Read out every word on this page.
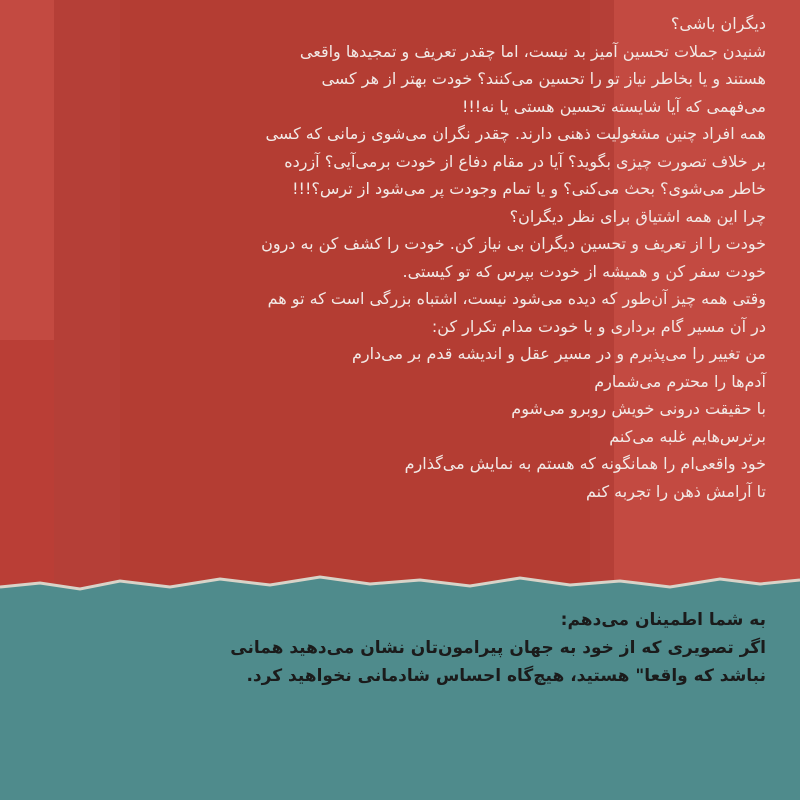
دیگران باشی؟
شنیدن جملات تحسین آمیز بد نیست، اما چقدر تعریف و تمجیدها واقعی
هستند و یا بخاطر نیاز تو را تحسین می‌کنند؟ خودت بهتر از هر کسی
می‌فهمی که آیا شایسته تحسین هستی یا نه!!!
همه افراد چنین مشغولیت ذهنی دارند. چقدر نگران می‌شوی زمانی که کسی
بر خلاف تصورت چیزی بگوید؟ آیا در مقام دفاع از خودت برمی‌آیی؟ آزرده
خاطر می‌شوی؟ بحث می‌کنی؟ و یا تمام وجودت پر می‌شود از ترس؟!!!
چرا این همه اشتیاق برای نظر دیگران؟
خودت را از تعریف و تحسین دیگران بی نیاز کن. خودت را کشف کن به درون
خودت سفر کن و همیشه از خودت بپرس که تو کیستی.
وقتی همه چیز آن‌طور که دیده می‌شود نیست، اشتباه بزرگی است که تو هم
در آن مسیر گام برداری و با خودت مدام تکرار کن:
من تغییر را می‌پذیرم و در مسیر عقل و اندیشه قدم بر می‌دارم
آدم‌ها را محترم می‌شمارم
با حقیقت درونی خویش روبرو می‌شوم
برترس‌هایم غلبه می‌کنم
خود واقعی‌ام را همانگونه که هستم به نمایش می‌گذارم
تا آرامش ذهن را تجربه کنم
به شما اطمینان می‌دهم:
اگر تصویری که از خود به جهان پیرامون‌تان نشان می‌دهید همانی
نباشد که واقعا" هستید، هیچ‌گاه احساس شادمانی نخواهید کرد.
